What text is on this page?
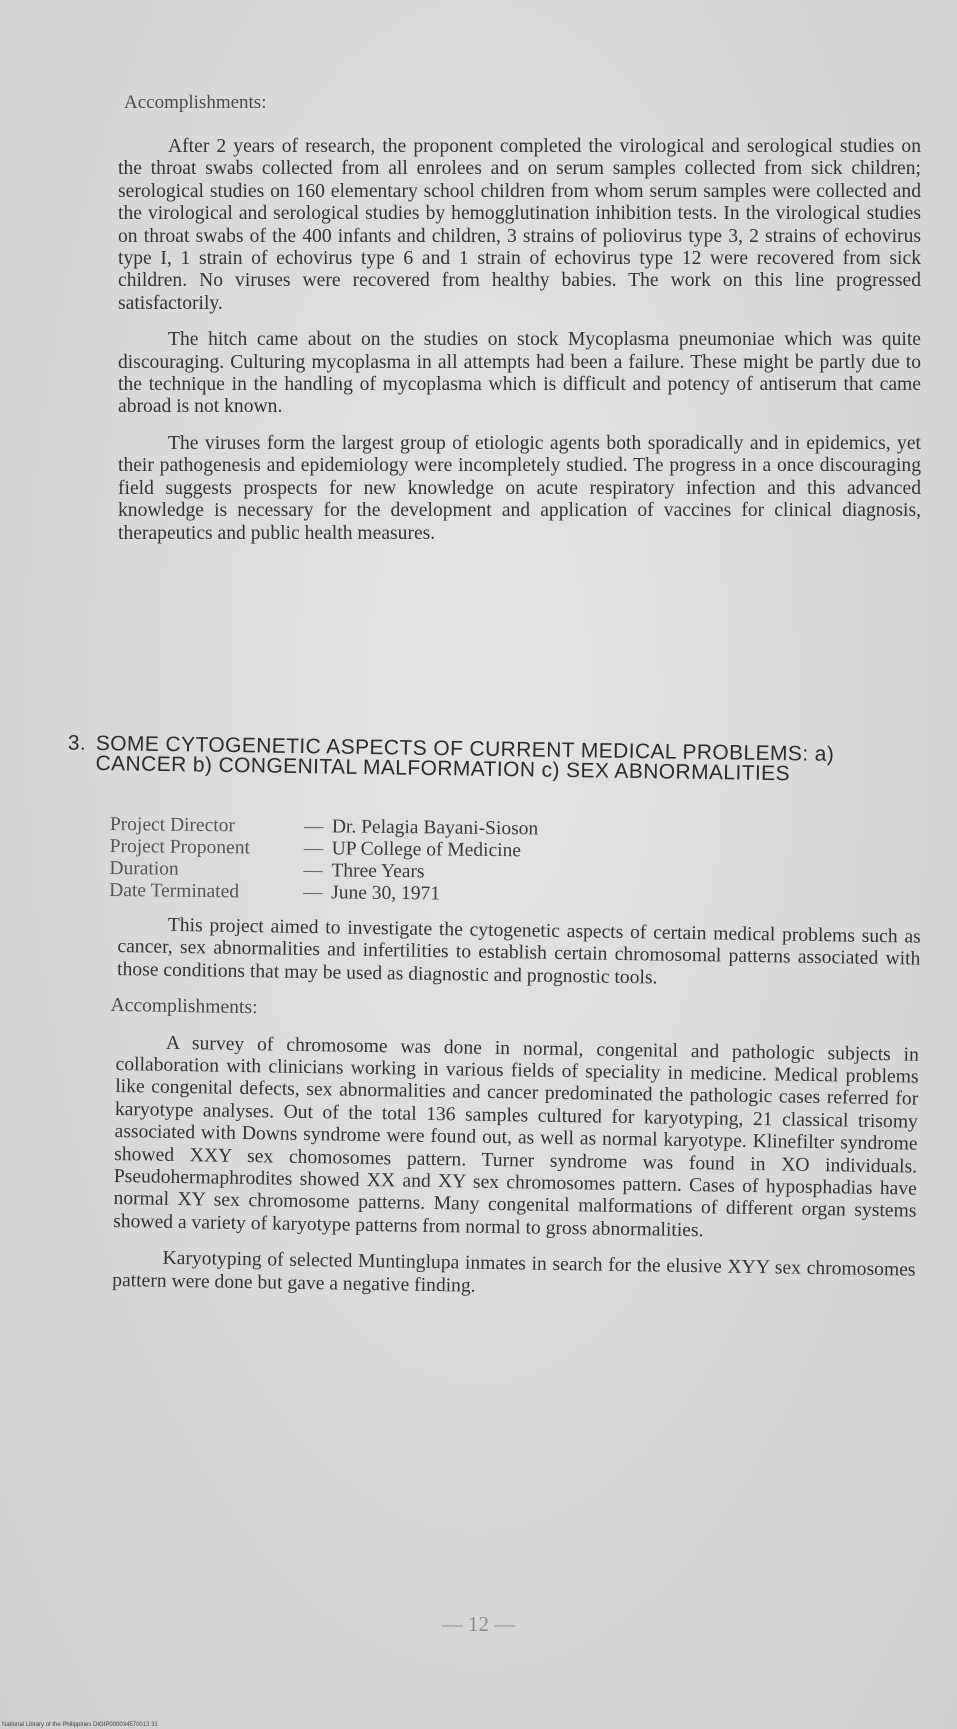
Accomplishments:

After 2 years of research, the proponent completed the virological and serological studies on the throat swabs collected from all enrolees and on serum samples collected from sick children; serological studies on 160 elementary school children from whom serum samples were collected and the virological and serological studies by hemogglutination inhibition tests. In the virological studies on throat swabs of the 400 infants and children, 3 strains of poliovirus type 3, 2 strains of echovirus type I, 1 strain of echovirus type 6 and 1 strain of echovirus type 12 were recovered from sick children. No viruses were recovered from healthy babies. The work on this line progressed satisfactorily.

The hitch came about on the studies on stock Mycoplasma pneumoniae which was quite discouraging. Culturing mycoplasma in all attempts had been a failure. These might be partly due to the technique in the handling of mycoplasma which is difficult and potency of antiserum that came abroad is not known.

The viruses form the largest group of etiologic agents both sporadically and in epidemics, yet their pathogenesis and epidemiology were incompletely studied. The progress in a once discouraging field suggests prospects for new knowledge on acute respiratory infection and this advanced knowledge is necessary for the development and application of vaccines for clinical diagnosis, therapeutics and public health measures.

3. SOME CYTOGENETIC ASPECTS OF CURRENT MEDICAL PROBLEMS: a) CANCER b) CONGENITAL MALFORMATION c) SEX ABNORMALITIES
Project Director	— Dr. Pelagia Bayani-Sioson
Project Proponent	— UP College of Medicine
Duration	— Three Years
Date Terminated	— June 30, 1971

This project aimed to investigate the cytogenetic aspects of certain medical problems such as cancer, sex abnormalities and infertilities to establish certain chromosomal patterns associated with those conditions that may be used as diagnostic and prognostic tools.

Accomplishments:

A survey of chromosome was done in normal, congenital and pathologic subjects in collaboration with clinicians working in various fields of speciality in medicine. Medical problems like congenital defects, sex abnormalities and cancer predominated the pathologic cases referred for karyotype analyses. Out of the total 136 samples cultured for karyotyping, 21 classical trisomy associated with Downs syndrome were found out, as well as normal karyotype. Klinefilter syndrome showed XXY sex chomosomes pattern. Turner syndrome was found in XO individuals. Pseudohermaphrodites showed XX and XY sex chromosomes pattern. Cases of hyposphadias have normal XY sex chromosome patterns. Many congenital malformations of different organ systems showed a variety of karyotype patterns from normal to gross abnormalities.

Karyotyping of selected Muntinglupa inmates in search for the elusive XYY sex chromosomes pattern were done but gave a negative finding.

— 12 —
National Library of the Philippines DIGIP000034570013 31
